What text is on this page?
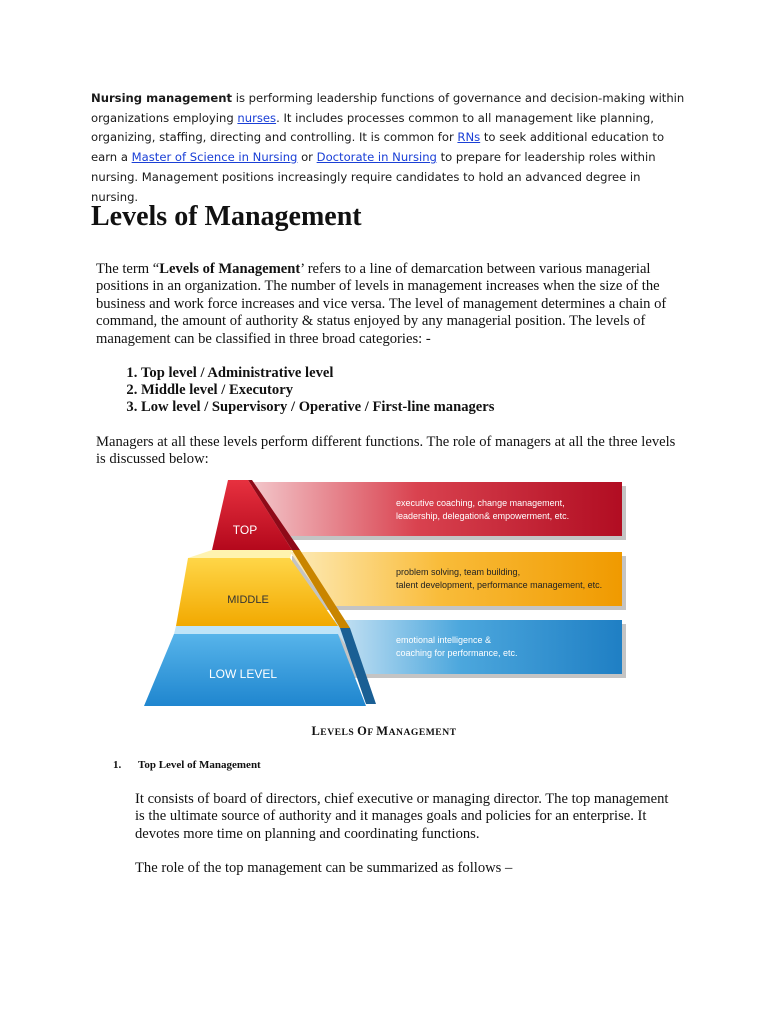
Nursing management is performing leadership functions of governance and decision-making within organizations employing nurses. It includes processes common to all management like planning, organizing, staffing, directing and controlling. It is common for RNs to seek additional education to earn a Master of Science in Nursing or Doctorate in Nursing to prepare for leadership roles within nursing. Management positions increasingly require candidates to hold an advanced degree in nursing.
Levels of Management

The term “Levels of Management’ refers to a line of demarcation between various managerial positions in an organization. The number of levels in management increases when the size of the business and work force increases and vice versa. The level of management determines a chain of command, the amount of authority & status enjoyed by any managerial position. The levels of management can be classified in three broad categories: -

1. Top level / Administrative level
2. Middle level / Executory
3. Low level / Supervisory / Operative / First-line managers

Managers at all these levels perform different functions. The role of managers at all the three levels is discussed below:

TOP
MIDDLE
LOW LEVEL
executive coaching, change management,
leadership, delegation& empowerment, etc.
problem solving, team building,
talent development, performance management, etc.
emotional intelligence &
coaching for performance, etc.
LEVELS OF MANAGEMENT
1. Top Level of Management

It consists of board of directors, chief executive or managing director. The top management is the ultimate source of authority and it manages goals and policies for an enterprise. It devotes more time on planning and coordinating functions.

The role of the top management can be summarized as follows –
